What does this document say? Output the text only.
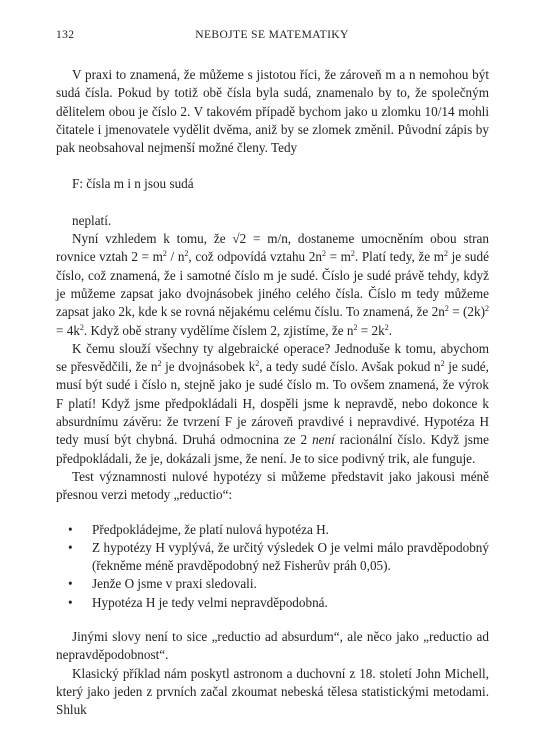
132	NEBOJTE SE MATEMATIKY

V praxi to znamená, že můžeme s jistotou říci, že zároveň m a n nemohou být sudá čísla. Pokud by totiž obě čísla byla sudá, znamenalo by to, že společným dělitelem obou je číslo 2. V takovém případě bychom jako u zlomku 10/14 mohli čitatele i jmenovatele vydělit dvěma, aniž by se zlomek změnil. Původní zápis by pak neobsahoval nejmenší možné členy. Tedy

F: čísla m i n jsou sudá

neplatí.

Nyní vzhledem k tomu, že √2 = m/n, dostaneme umocněním obou stran rovnice vztah $2 = m^2 / n^2$, což odpovídá vztahu $2n^2 = m^2$. Platí tedy, že $m^2$ je sudé číslo, což znamená, že i samotné číslo m je sudé. Číslo je sudé právě tehdy, když je můžeme zapsat jako dvojnásobek jiného celého čísla. Číslo m tedy můžeme zapsat jako 2k, kde k se rovná nějakému celému číslu. To znamená, že $2n^2 = (2k)^2 = 4k^2$. Když obě strany vydělíme číslem 2, zjistíme, že $n^2 = 2k^2$.

K čemu slouží všechny ty algebraické operace? Jednoduše k tomu, abychom se přesvědčili, že $n^2$ je dvojnásobek $k^2$, a tedy sudé číslo. Avšak pokud $n^2$ je sudé, musí být sudé i číslo n, stejně jako je sudé číslo m. To ovšem znamená, že výrok F platí! Když jsme předpokládali H, dospěli jsme k nepravdě, nebo dokonce k absurdnímu závěru: že tvrzení F je zároveň pravdivé i nepravdivé. Hypotéza H tedy musí být chybná. Druhá odmocnina ze 2 není racionální číslo. Když jsme předpokládali, že je, dokázali jsme, že není. Je to sice podivný trik, ale funguje.

Test významnosti nulové hypotézy si můžeme představit jako jakousi méně přesnou verzi metody „reductio“:

• Předpokládejme, že platí nulová hypotéza H.
• Z hypotézy H vyplývá, že určitý výsledek O je velmi málo pravděpodobný (řekněme méně pravděpodobný než Fisherův práh 0,05).
• Jenže O jsme v praxi sledovali.
• Hypotéza H je tedy velmi nepravděpodobná.

Jinými slovy není to sice „reductio ad absurdum“, ale něco jako „reductio ad nepravděpodobnost“.

Klasický příklad nám poskytl astronom a duchovní z 18. století John Michell, který jako jeden z prvních začal zkoumat nebeská tělesa statistickými metodami. Shluk
